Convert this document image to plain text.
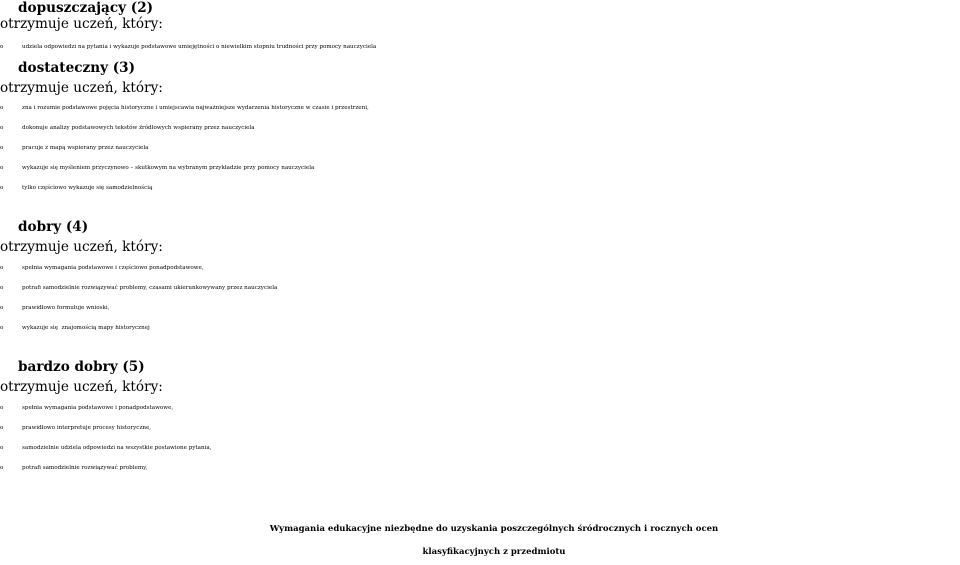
dopuszczający (2)
otrzymuje uczeń, który:
o	udziela odpowiedzi na pytania i wykazuje podstawowe umiejętności o niewielkim stopniu trudności przy pomocy nauczyciela
dostateczny (3)
otrzymuje uczeń, który:
o	zna i rozumie podstawowe pojęcia historyczne i umiejscawia najważniejsze wydarzenia historyczne w czasie i przestrzeni,
o	dokonuje analizy podstawowych tekstów źródłowych wspierany przez nauczyciela
o	pracuje z mapą wspierany przez nauczyciela
o	wykazuje się myśleniem przyczynowo – skutkowym na wybranym przykładzie przy pomocy nauczyciela
o	tylko częściowo wykazuje się samodzielnością
dobry (4)
otrzymuje uczeń, który:
o	spełnia wymagania podstawowe i częściowo ponadpodstawowe,
o	potrafi samodzielnie rozwiązywać problemy, czasami ukierunkowywany przez nauczyciela
o	prawidłowo formułuje wnioski,
o	wykazuje się  znajomością mapy historycznej
bardzo dobry (5)
otrzymuje uczeń, który:
o	spełnia wymagania podstawowe i ponadpodstawowe,
o	prawidłowo interpretuje procesy historyczne,
o	samodzielnie udziela odpowiedzi na wszystkie postawione pytania,
o	potrafi samodzielnie rozwiązywać problemy,
Wymagania edukacyjne niezbędne do uzyskania poszczególnych śródrocznych i rocznych ocen
klasyfikacyjnych z przedmiotu
